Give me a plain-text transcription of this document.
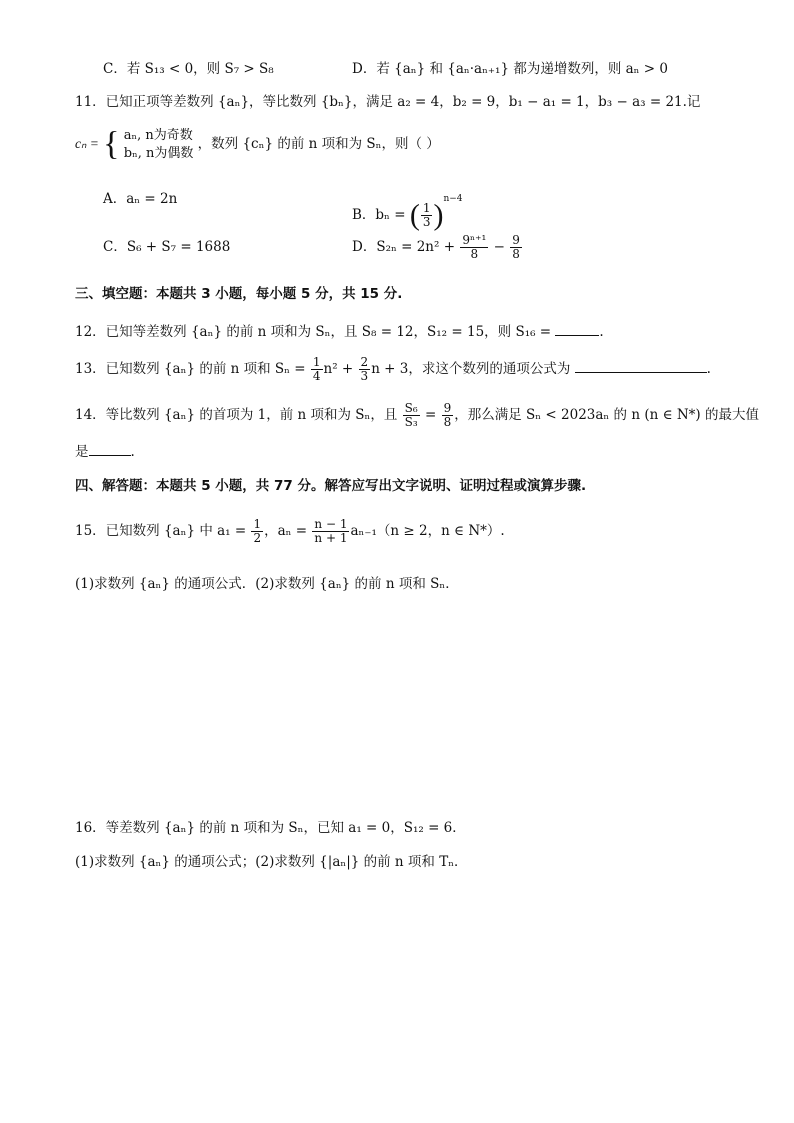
C．若 S₁₃ < 0，则 S₇ > S₈	D．若 {aₙ} 和 {aₙ·aₙ₊₁} 都为递增数列，则 aₙ > 0
11．已知正项等差数列 {aₙ}，等比数列 {bₙ}，满足 a₂ = 4，b₂ = 9，b₁ − a₁ = 1，b₃ − a₃ = 21.记
cₙ = { aₙ, n为奇数
bₙ, n为偶数
，数列 {cₙ} 的前 n 项和为 Sₙ，则（ ）
A．aₙ = 2n
B．bₙ = ( $\frac{1}{3} )^{n-4}$
C．S₆ + S₇ = 1688	D．$S_{2n} = 2n^2 + \frac{\text{9ⁿ⁺¹}}{8} - \frac{9}{8}$
三、填空题：本题共 3 小题，每小题 5 分，共 15 分.
12．已知等差数列 {aₙ} 的前 n 项和为 Sₙ，且 S₈ = 12，S₁₂ = 15，则 S₁₆ =	.
13．已知数列 {aₙ} 的前 n 项和 $S_n = \frac{1}{4} n^2 + \frac{2}{3}$ n + 3，求这个数列的通项公式为	.
14．等比数列 {aₙ} 的首项为 1，前 n 项和为 Sₙ，且 $\frac{\text{S₆}}{\text{S₃}} = \frac{9}{8}$ ，那么满足 Sₙ < 2023aₙ 的 n (n ∈ N*) 的最大值
是	.
四、解答题：本题共 5 小题，共 77 分。解答应写出文字说明、证明过程或演算步骤.
15．已知数列 {aₙ} 中 $a_1 = \frac{1}{2}$ ，$a_n = \frac{n - 1}{n + 1} a_{n-1}(n \ge 2$，n ∈ N*）.
(1)求数列 {aₙ} 的通项公式．(2)求数列 {aₙ} 的前 n 项和 Sₙ．
16．等差数列 {aₙ} 的前 n 项和为 Sₙ，已知 a₁ = 0，S₁₂ = 6．
(1)求数列 {aₙ} 的通项公式；(2)求数列 {|aₙ|} 的前 n 项和 Tₙ．
